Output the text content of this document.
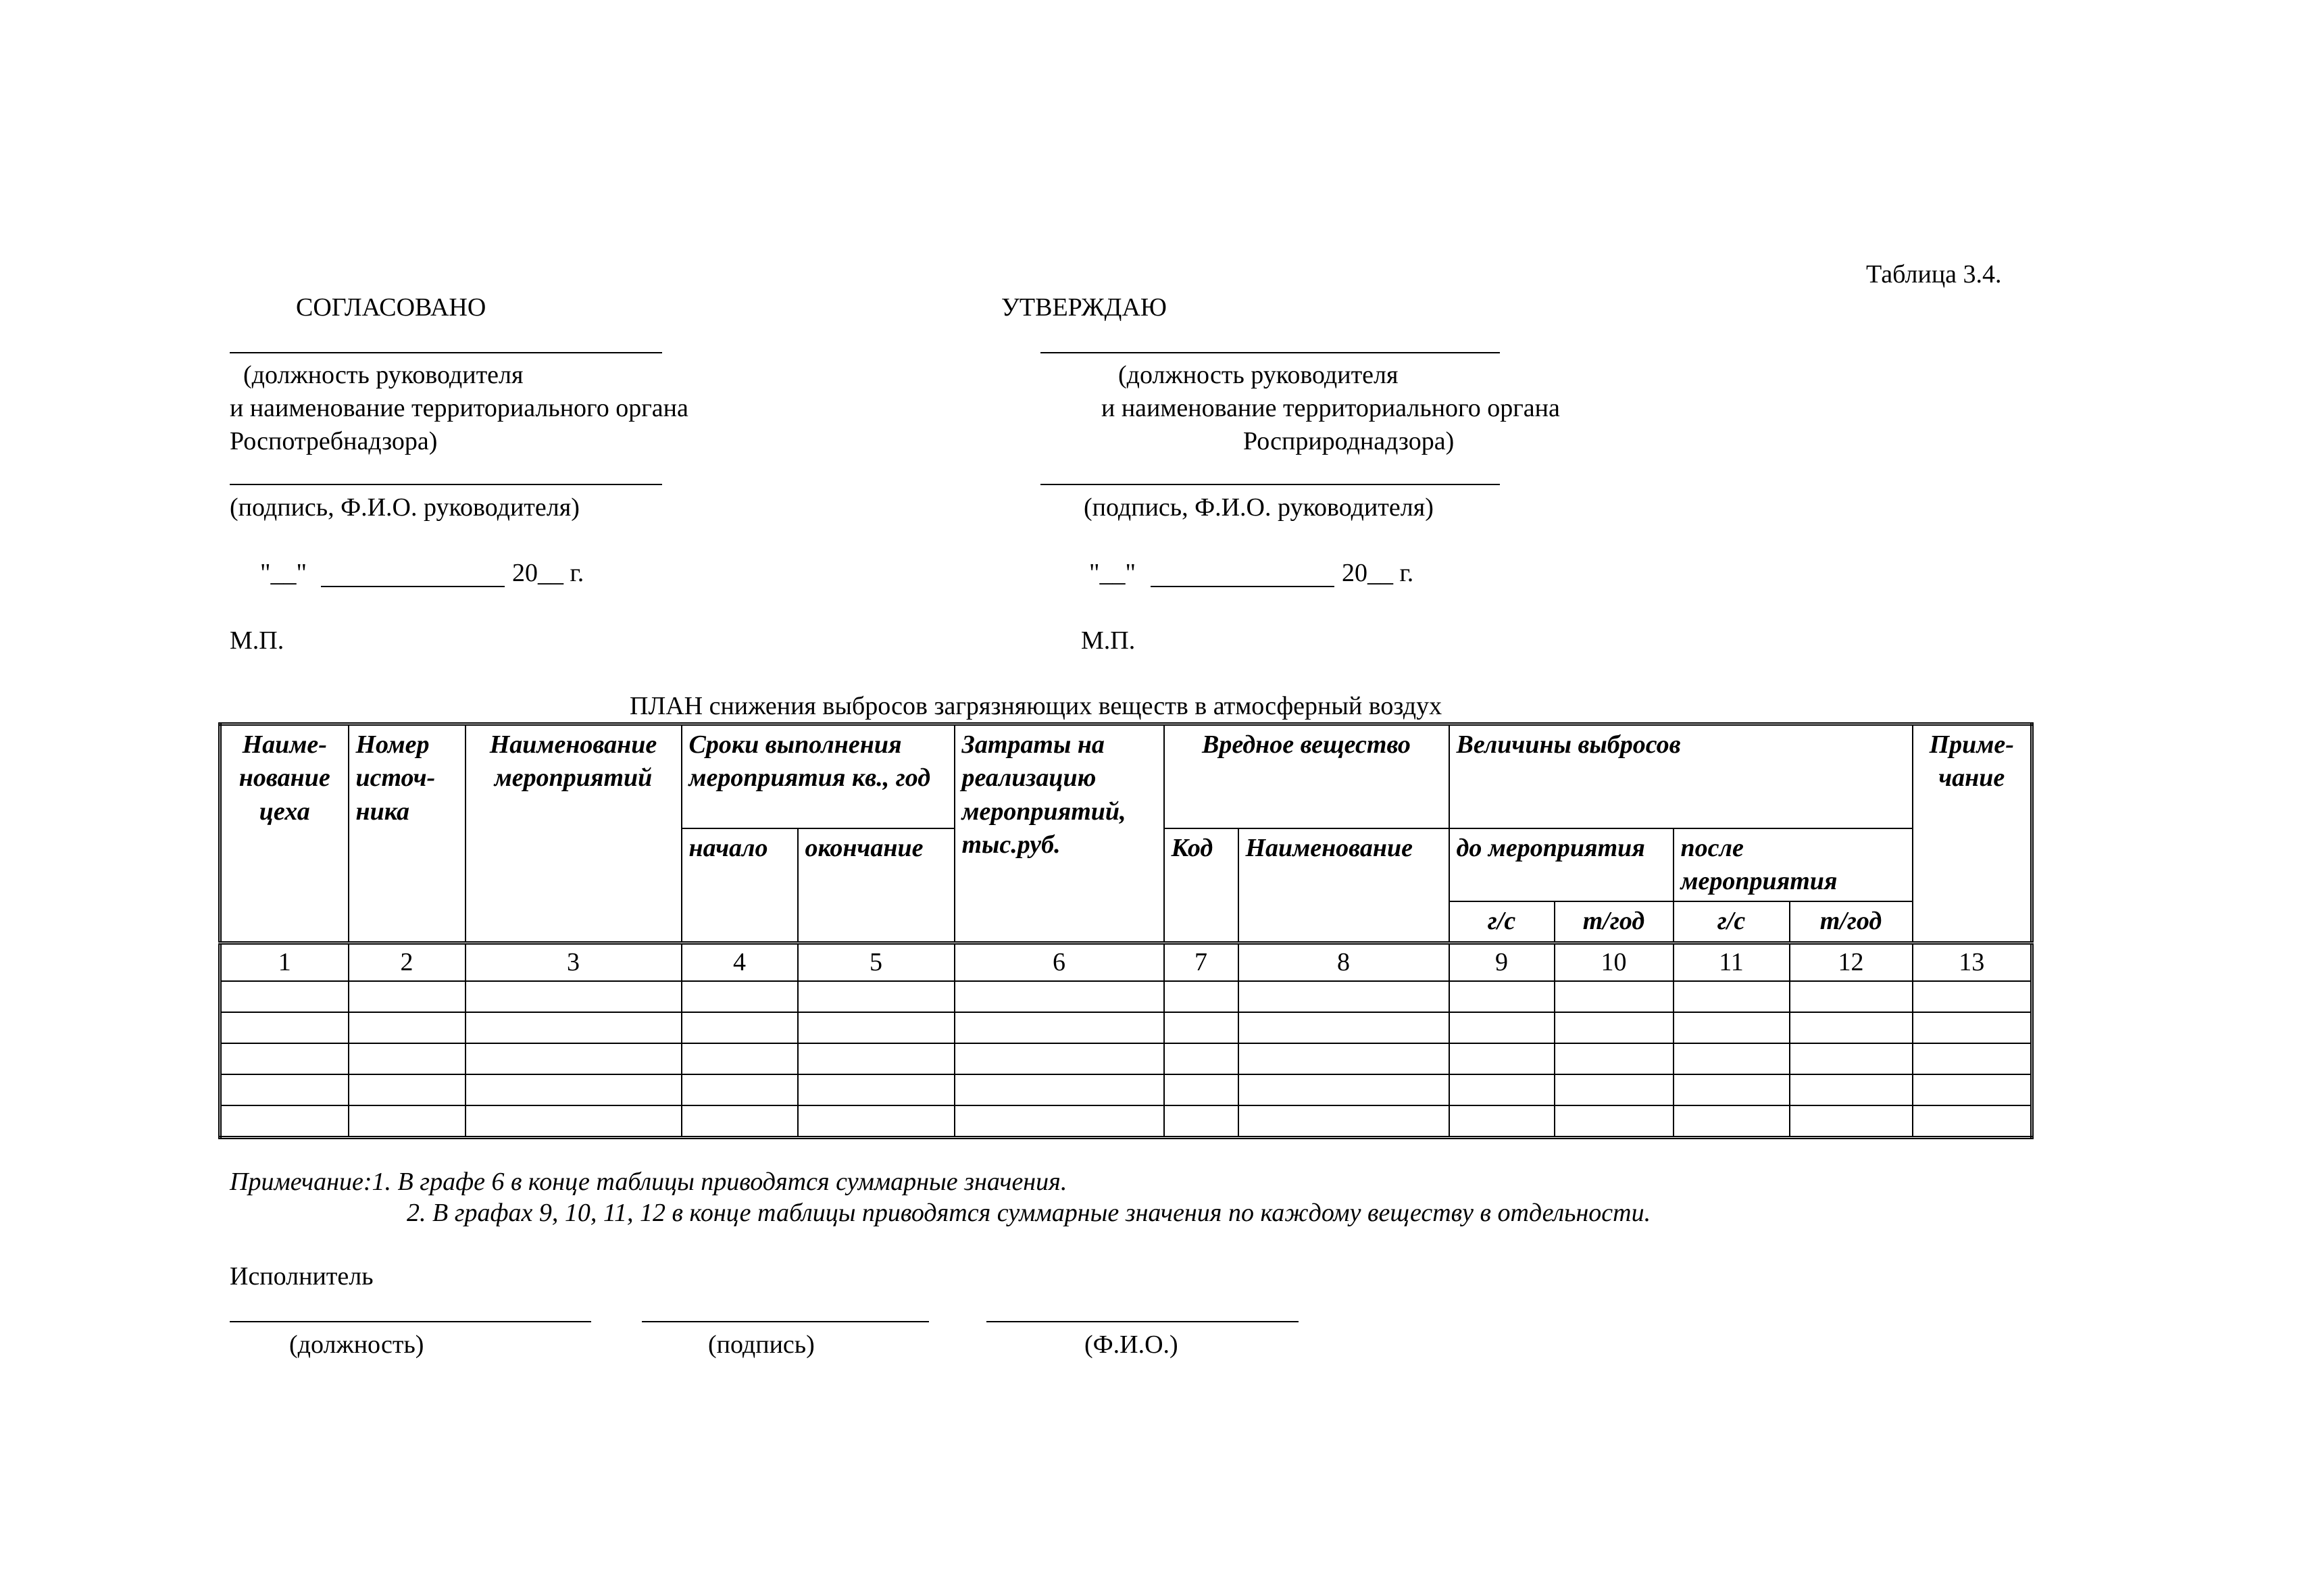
Таблица 3.4.
СОГЛАСОВАНО
(должность руководителя
и наименование территориального органа
Роспотребнадзора)
(подпись, Ф.И.О. руководителя)
"__"	20__ г.
М.П.
УТВЕРЖДАЮ
(должность руководителя
и наименование территориального органа
Росприроднадзора)
(подпись, Ф.И.О. руководителя)
"__"	20__ г.
М.П.
ПЛАН снижения выбросов загрязняющих веществ в атмосферный воздух
Наиме-нование цеха	Номер источ-ника	Наименование мероприятий	Сроки выполнения мероприятия кв., год		Затраты на реализацию мероприятий, тыс.руб.	Вредное вещество		Величины выбросов				Приме-чание
			начало	окончание		Код	Наименование	до мероприятия		после мероприятия		
								г/с	т/год	г/с	т/год	
1	2	3	4	5	6	7	8	9	10	11	12	13

Примечание:1. В графе 6 в конце таблицы приводятся суммарные значения.
2. В графах 9, 10, 11, 12 в конце таблицы приводятся суммарные значения по каждому веществу в отдельности.
Исполнитель
(должность)	(подпись)	(Ф.И.О.)
